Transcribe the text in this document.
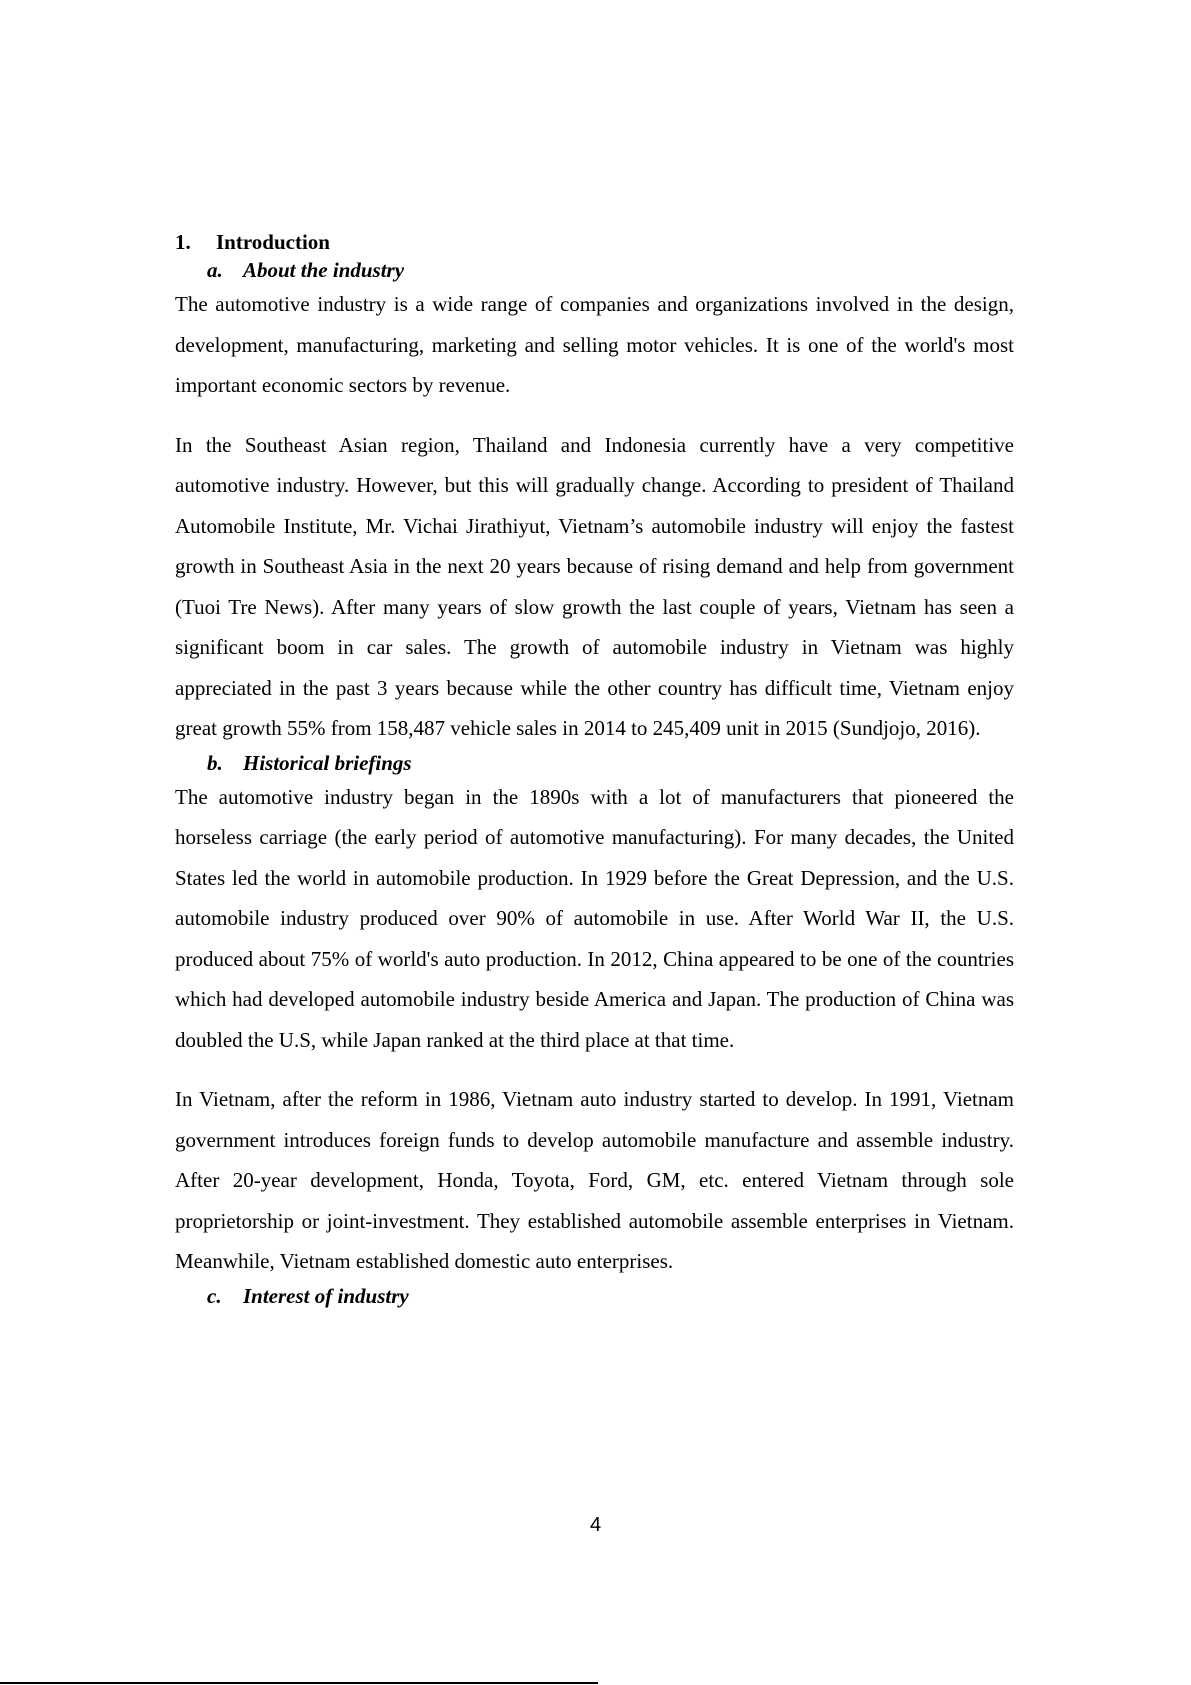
1. Introduction
a. About the industry

The automotive industry is a wide range of companies and organizations involved in the design, development, manufacturing, marketing and selling motor vehicles. It is one of the world's most important economic sectors by revenue.

In the Southeast Asian region, Thailand and Indonesia currently have a very competitive automotive industry. However, but this will gradually change. According to president of Thailand Automobile Institute, Mr. Vichai Jirathiyut, Vietnam’s automobile industry will enjoy the fastest growth in Southeast Asia in the next 20 years because of rising demand and help from government (Tuoi Tre News). After many years of slow growth the last couple of years, Vietnam has seen a significant boom in car sales. The growth of automobile industry in Vietnam was highly appreciated in the past 3 years because while the other country has difficult time, Vietnam enjoy great growth 55% from 158,487 vehicle sales in 2014 to 245,409 unit in 2015 (Sundjojo, 2016).

b. Historical briefings

The automotive industry began in the 1890s with a lot of manufacturers that pioneered the horseless carriage (the early period of automotive manufacturing). For many decades, the United States led the world in automobile production. In 1929 before the Great Depression, and the U.S. automobile industry produced over 90% of automobile in use. After World War II, the U.S. produced about 75% of world's auto production. In 2012, China appeared to be one of the countries which had developed automobile industry beside America and Japan. The production of China was doubled the U.S, while Japan ranked at the third place at that time.

In Vietnam, after the reform in 1986, Vietnam auto industry started to develop. In 1991, Vietnam government introduces foreign funds to develop automobile manufacture and assemble industry. After 20-year development, Honda, Toyota, Ford, GM, etc. entered Vietnam through sole proprietorship or joint-investment. They established automobile assemble enterprises in Vietnam. Meanwhile, Vietnam established domestic auto enterprises.

c. Interest of industry
4
